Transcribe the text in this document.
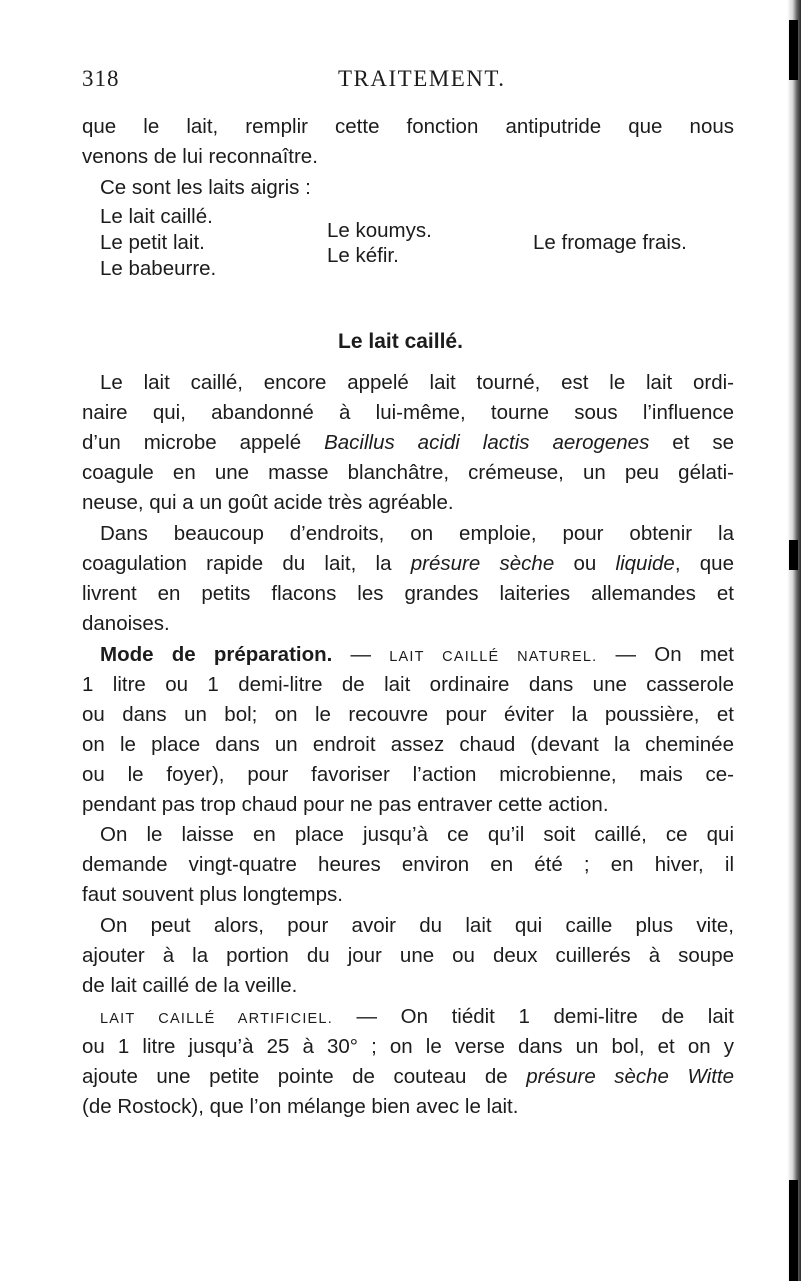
318	TRAITEMENT.
que le lait, remplir cette fonction antiputride que nous
venons de lui reconnaître.
Ce sont les laits aigris :
Le lait caillé.
Le petit lait.
Le babeurre.
Le koumys.
Le kéfir.
Le fromage frais.
Le lait caillé.
Le lait caillé, encore appelé lait tourné, est le lait ordi-
naire qui, abandonné à lui-même, tourne sous l’influence
d’un microbe appelé Bacillus acidi lactis aerogenes et se
coagule en une masse blanchâtre, crémeuse, un peu gélati-
neuse, qui a un goût acide très agréable.
Dans beaucoup d’endroits, on emploie, pour obtenir la
coagulation rapide du lait, la présure sèche ou liquide, que
livrent en petits flacons les grandes laiteries allemandes et
danoises.
Mode de préparation. — LAIT CAILLÉ NATUREL. — On met
1 litre ou 1 demi-litre de lait ordinaire dans une casserole
ou dans un bol; on le recouvre pour éviter la poussière, et
on le place dans un endroit assez chaud (devant la cheminée
ou le foyer), pour favoriser l’action microbienne, mais ce-
pendant pas trop chaud pour ne pas entraver cette action.
On le laisse en place jusqu’à ce qu’il soit caillé, ce qui
demande vingt-quatre heures environ en été ; en hiver, il
faut souvent plus longtemps.
On peut alors, pour avoir du lait qui caille plus vite,
ajouter à la portion du jour une ou deux cuillerés à soupe
de lait caillé de la veille.
LAIT CAILLÉ ARTIFICIEL. — On tiédit 1 demi-litre de lait
ou 1 litre jusqu’à 25 à 30° ; on le verse dans un bol, et on y
ajoute une petite pointe de couteau de présure sèche Witte
(de Rostock), que l’on mélange bien avec le lait.
